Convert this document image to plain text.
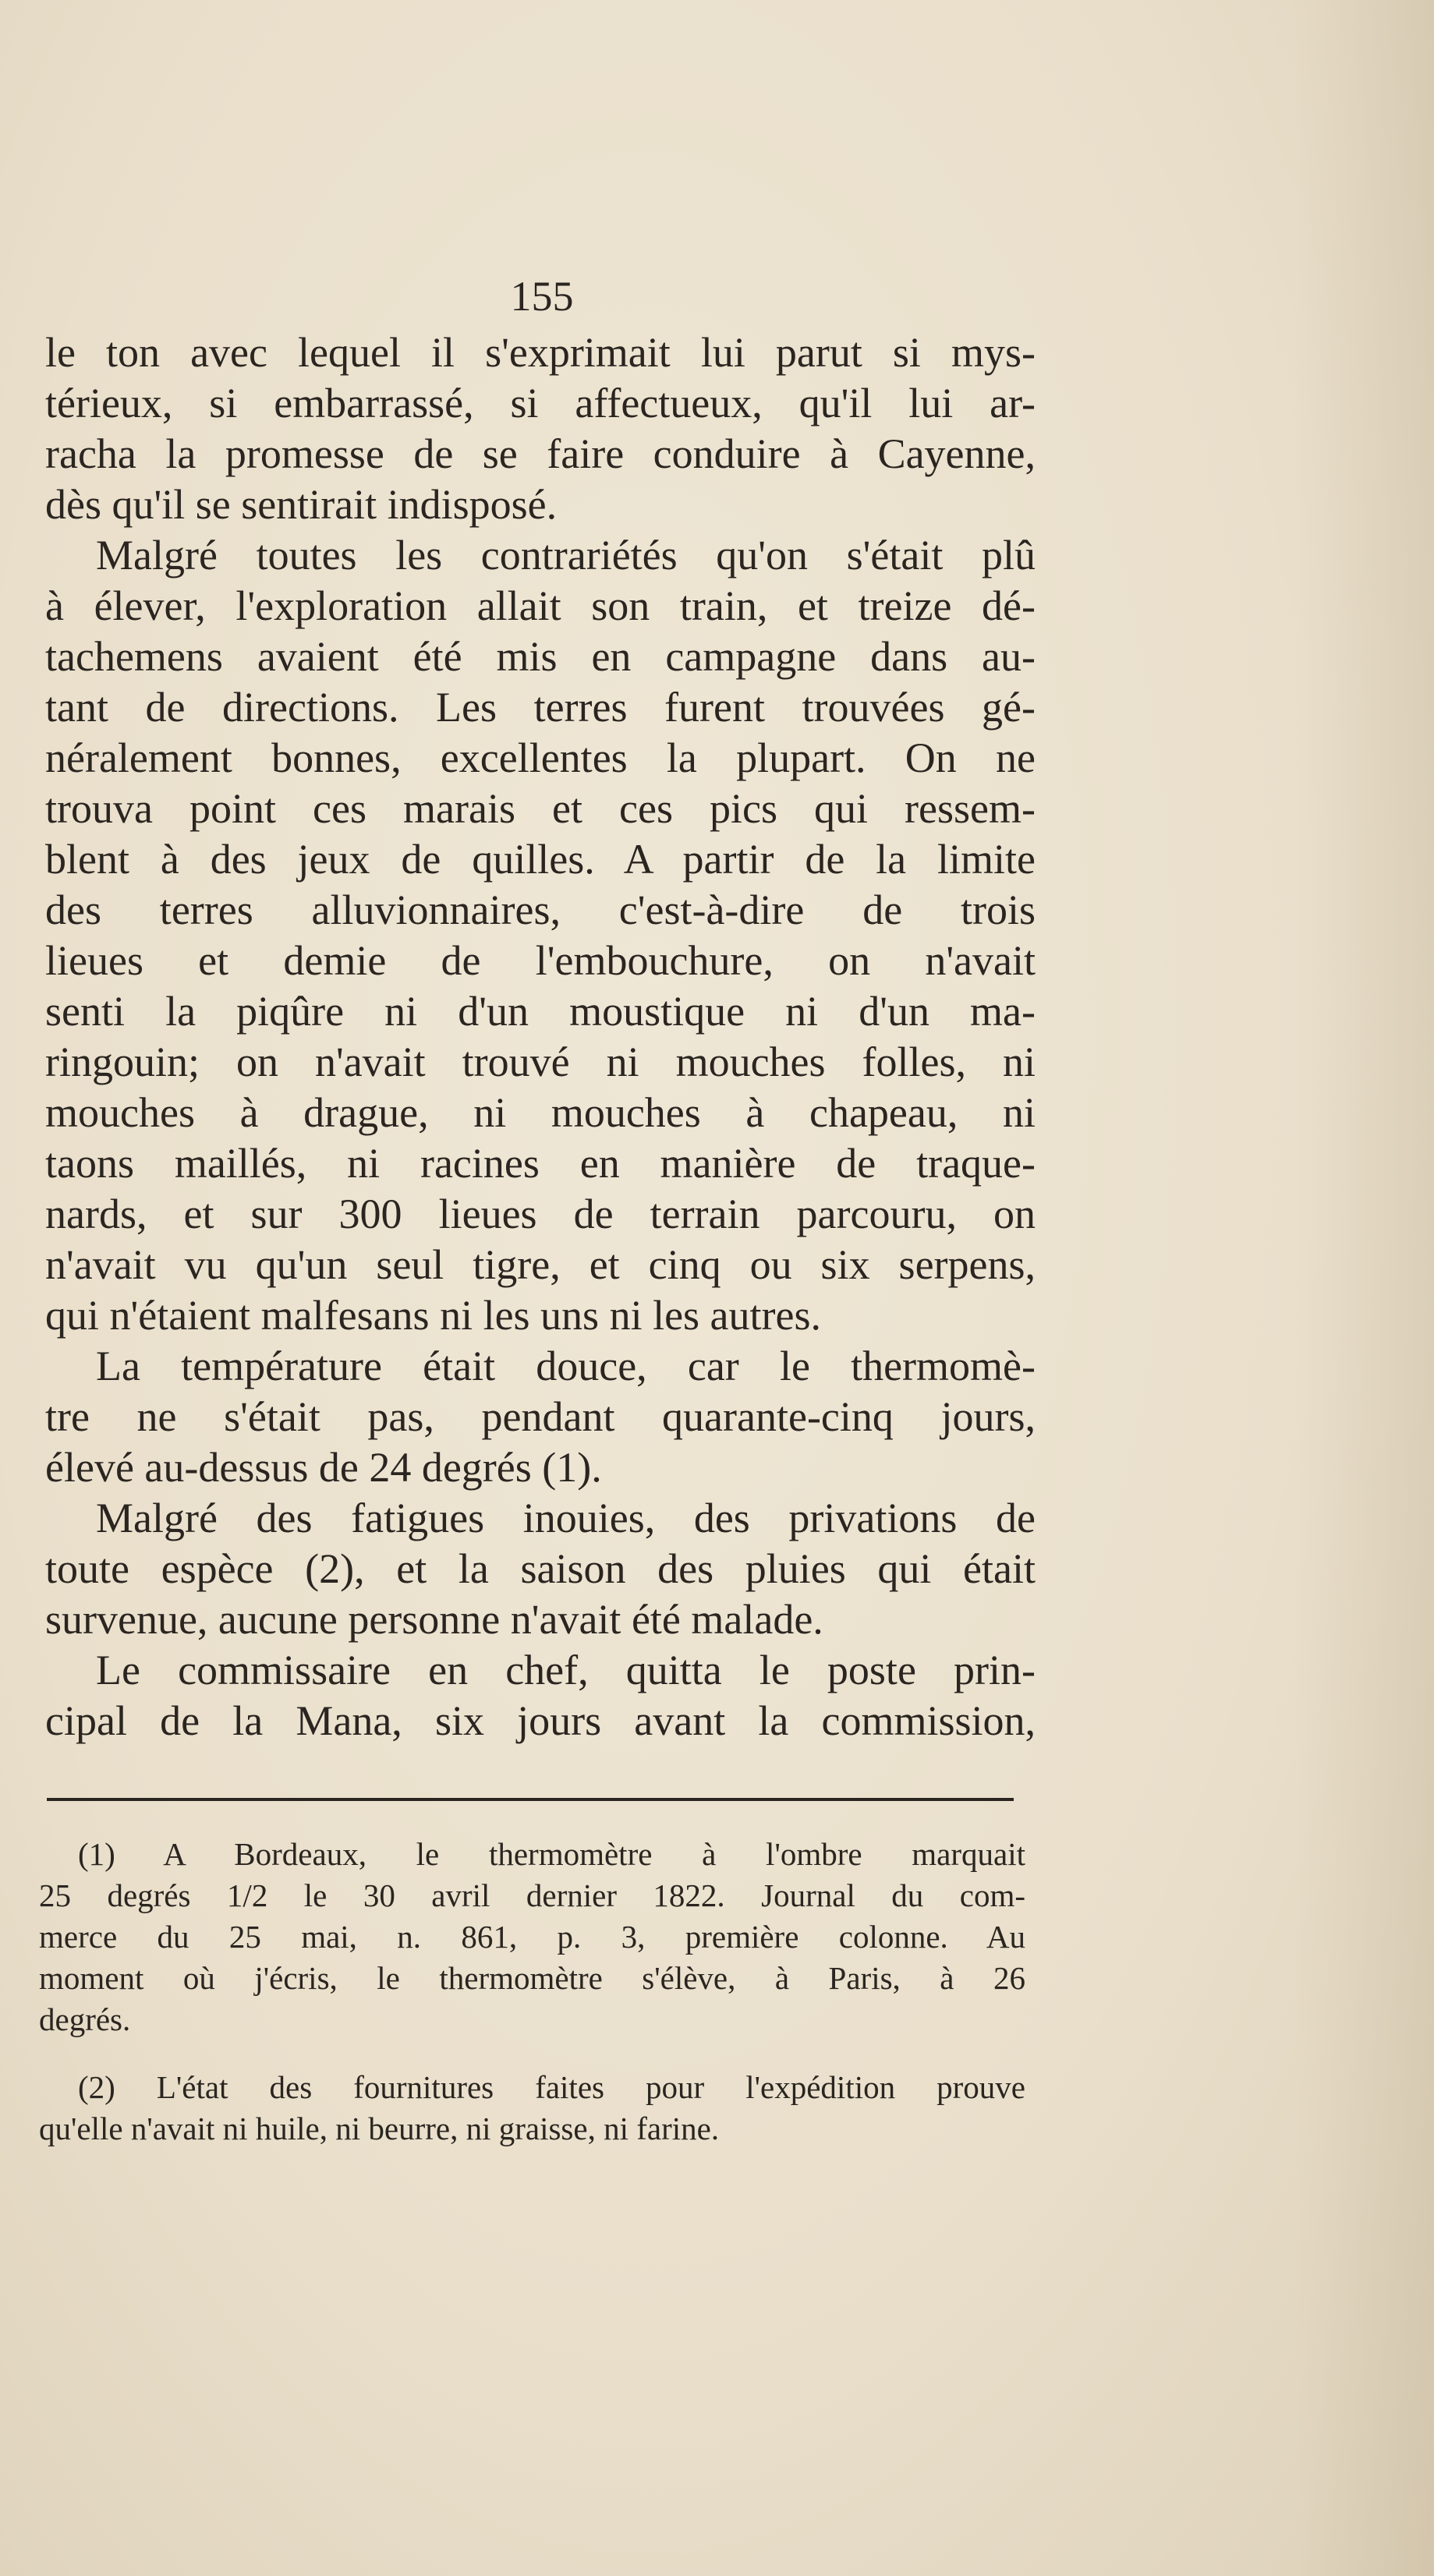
155
le ton avec lequel il s'exprimait lui parut si mys-
térieux, si embarrassé, si affectueux, qu'il lui ar-
racha la promesse de se faire conduire à Cayenne,
dès qu'il se sentirait indisposé.
Malgré toutes les contrariétés qu'on s'était plû
à élever, l'exploration allait son train, et treize dé-
tachemens avaient été mis en campagne dans au-
tant de directions. Les terres furent trouvées gé-
néralement bonnes, excellentes la plupart. On ne
trouva point ces marais et ces pics qui ressem-
blent à des jeux de quilles. A partir de la limite
des terres alluvionnaires, c'est-à-dire de trois
lieues et demie de l'embouchure, on n'avait
senti la piqûre ni d'un moustique ni d'un ma-
ringouin; on n'avait trouvé ni mouches folles, ni
mouches à drague, ni mouches à chapeau, ni
taons maillés, ni racines en manière de traque-
nards, et sur 300 lieues de terrain parcouru, on
n'avait vu qu'un seul tigre, et cinq ou six serpens,
qui n'étaient malfesans ni les uns ni les autres.
La température était douce, car le thermomè-
tre ne s'était pas, pendant quarante-cinq jours,
élevé au-dessus de 24 degrés (1).
Malgré des fatigues inouies, des privations de
toute espèce (2), et la saison des pluies qui était
survenue, aucune personne n'avait été malade.
Le commissaire en chef, quitta le poste prin-
cipal de la Mana, six jours avant la commission,
(1) A Bordeaux, le thermomètre à l'ombre marquait
25 degrés 1/2 le 30 avril dernier 1822. Journal du com-
merce du 25 mai, n. 861, p. 3, première colonne. Au
moment où j'écris, le thermomètre s'élève, à Paris, à 26
degrés.
(2) L'état des fournitures faites pour l'expédition prouve
qu'elle n'avait ni huile, ni beurre, ni graisse, ni farine.
